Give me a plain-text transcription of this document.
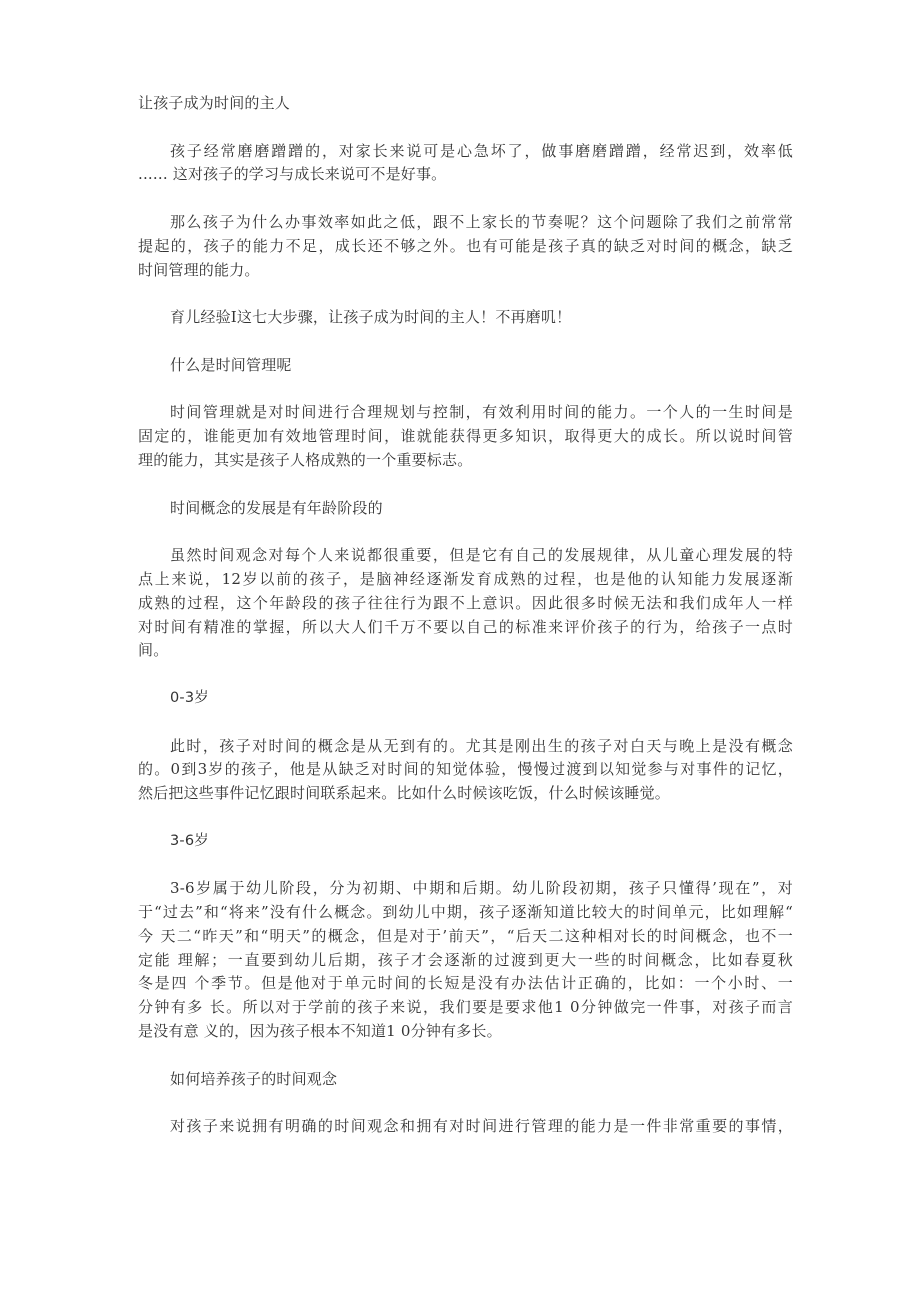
让孩子成为时间的主人
孩子经常磨磨蹭蹭的，对家长来说可是心急坏了，做事磨磨蹭蹭，经常迟到，效率低
...... 这对孩子的学习与成长来说可不是好事。
那么孩子为什么办事效率如此之低，跟不上家长的节奏呢？这个问题除了我们之前常常
提起的，孩子的能力不足，成长还不够之外。也有可能是孩子真的缺乏对时间的概念，缺乏
时间管理的能力。
育儿经验I这七大步骤，让孩子成为时间的主人！不再磨叽！
什么是时间管理呢
时间管理就是对时间进行合理规划与控制，有效利用时间的能力。一个人的一生时间是
固定的，谁能更加有效地管理时间，谁就能获得更多知识，取得更大的成长。所以说时间管
理的能力，其实是孩子人格成熟的一个重要标志。
时间概念的发展是有年龄阶段的
虽然时间观念对每个人来说都很重要，但是它有自己的发展规律，从儿童心理发展的特
点上来说，12岁以前的孩子，是脑神经逐渐发育成熟的过程，也是他的认知能力发展逐渐
成熟的过程，这个年龄段的孩子往往行为跟不上意识。因此很多时候无法和我们成年人一样
对时间有精准的掌握，所以大人们千万不要以自己的标准来评价孩子的行为，给孩子一点时
间。
0-3岁
此时，孩子对时间的概念是从无到有的。尤其是刚出生的孩子对白天与晚上是没有概念
的。0到3岁的孩子，他是从缺乏对时间的知觉体验，慢慢过渡到以知觉参与对事件的记忆，
然后把这些事件记忆跟时间联系起来。比如什么时候该吃饭，什么时候该睡觉。
3-6岁
3-6岁属于幼儿阶段，分为初期、中期和后期。幼儿阶段初期，孩子只懂得’现在”，对
于“过去”和“将来”没有什么概念。到幼儿中期，孩子逐渐知道比较大的时间单元，比如理解“
今 天二“昨天”和“明天”的概念，但是对于’前天”，“后天二这种相对长的时间概念，也不一
定能 理解；一直要到幼儿后期，孩子才会逐渐的过渡到更大一些的时间概念，比如春夏秋
冬是四 个季节。但是他对于单元时间的长短是没有办法估计正确的，比如：一个小时、一
分钟有多 长。所以对于学前的孩子来说，我们要是要求他1 0分钟做完一件事，对孩子而言
是没有意 义的，因为孩子根本不知道1 0分钟有多长。
如何培养孩子的时间观念
对孩子来说拥有明确的时间观念和拥有对时间进行管理的能力是一件非常重要的事情，
